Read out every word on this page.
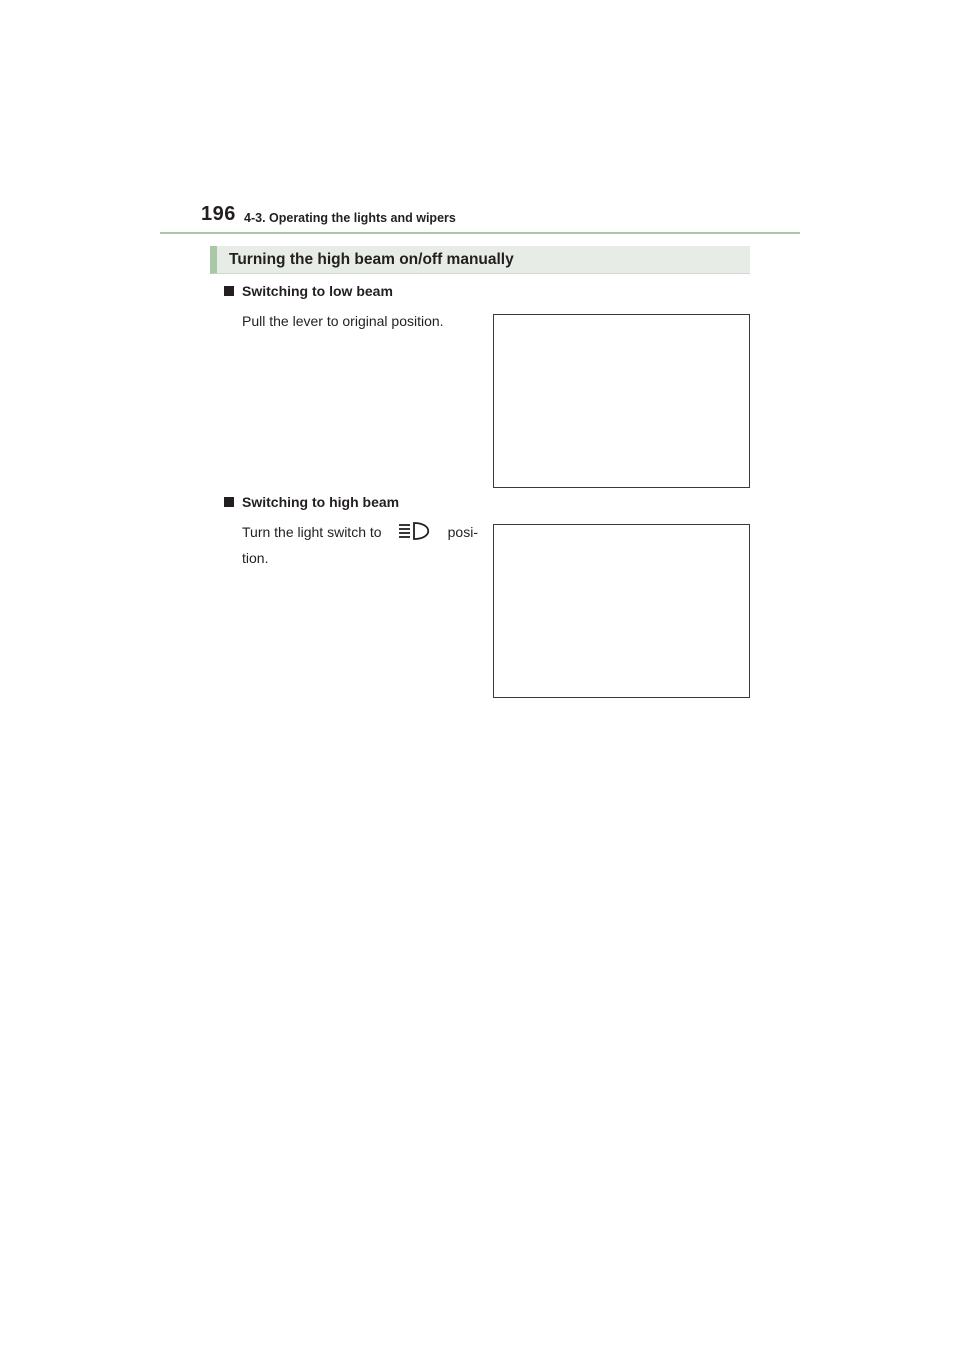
196 4-3. Operating the lights and wipers
Turning the high beam on/off manually
Switching to low beam
Pull the lever to original position.
Switching to high beam
Turn the light switch to	posi-
tion.
